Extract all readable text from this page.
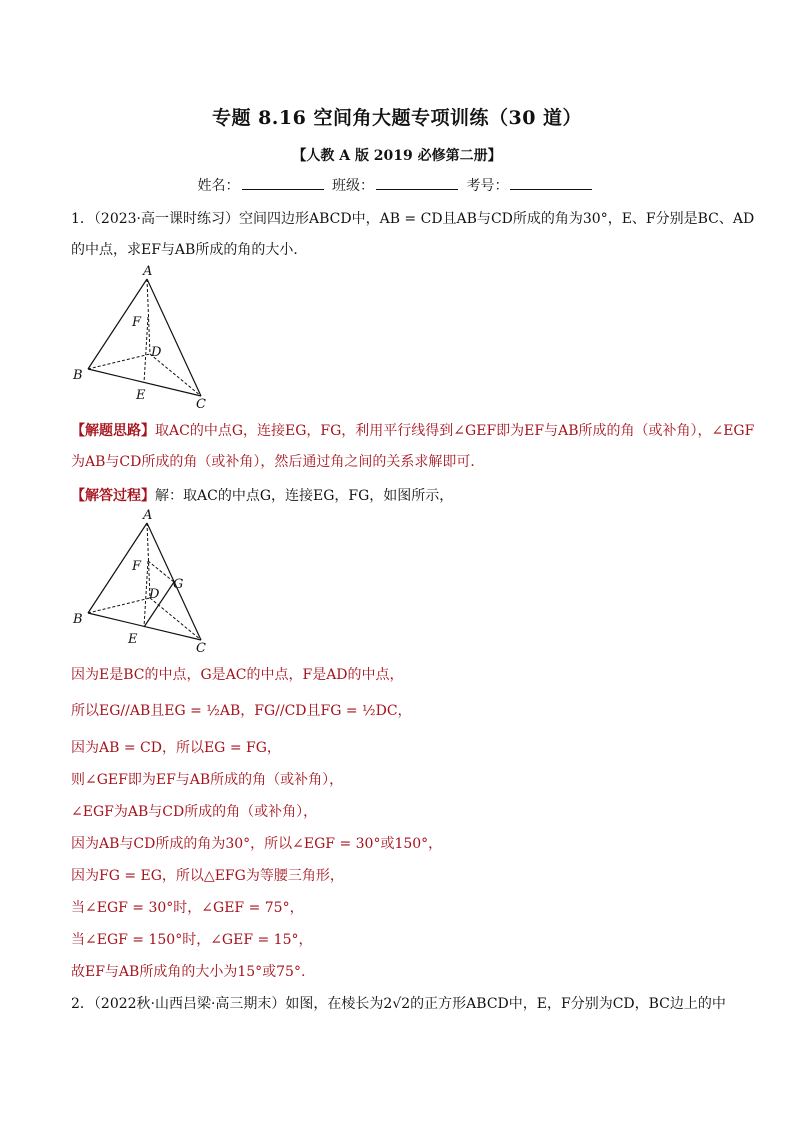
专题 8.16 空间角大题专项训练（30 道）
【人教 A 版 2019 必修第二册】
姓名：	班级：	考号：
1．（2023·高一课时练习）空间四边形ABCD中，AB = CD且AB与CD所成的角为30°，E、F分别是BC、AD
的中点，求EF与AB所成的角的大小．
A
F
D
B
E
C
【解题思路】取AC的中点G，连接EG，FG，利用平行线得到∠GEF即为EF与AB所成的角（或补角），∠EGF
为AB与CD所成的角（或补角），然后通过角之间的关系求解即可．
【解答过程】解：取AC的中点G，连接EG，FG，如图所示，
A
F
G
D
B
E
C
因为E是BC的中点，G是AC的中点，F是AD的中点，
所以EG//AB且EG = ½AB，FG//CD且FG = ½DC，
因为AB = CD，所以EG = FG，
则∠GEF即为EF与AB所成的角（或补角），
∠EGF为AB与CD所成的角（或补角），
因为AB与CD所成的角为30°，所以∠EGF = 30°或150°，
因为FG = EG，所以△EFG为等腰三角形，
当∠EGF = 30°时，∠GEF = 75°，
当∠EGF = 150°时，∠GEF = 15°，
故EF与AB所成角的大小为15°或75°.
2．（2022秋·山西吕梁·高三期末）如图，在棱长为2√2的正方形ABCD中，E，F分别为CD，BC边上的中
